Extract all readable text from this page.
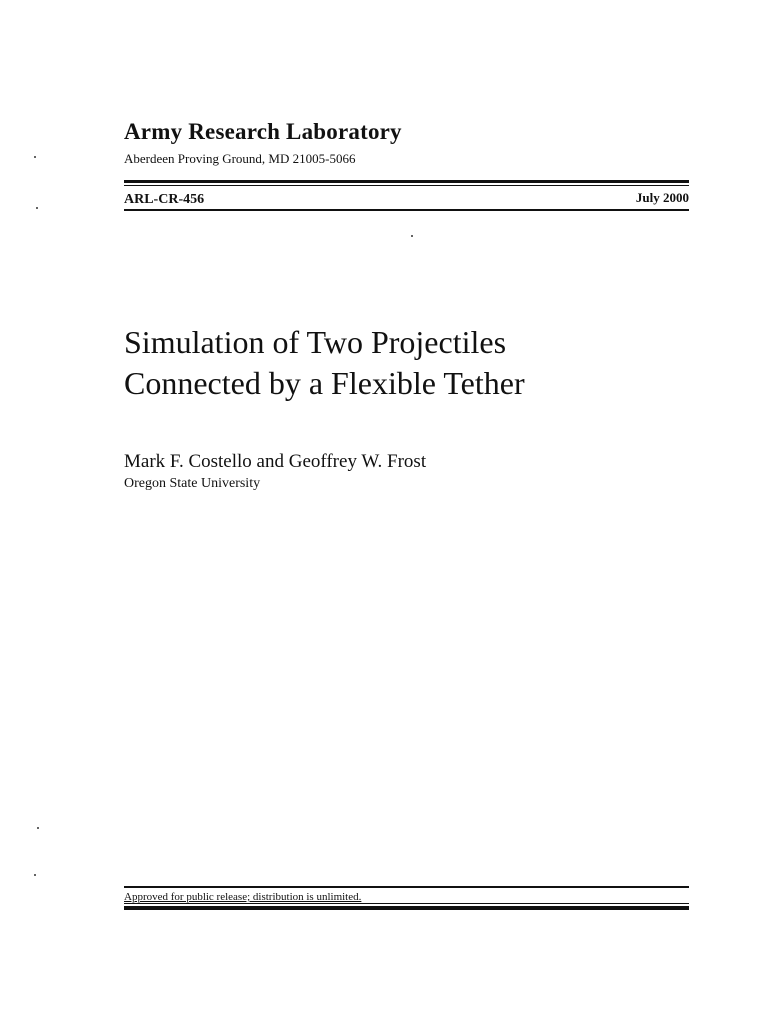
Army Research Laboratory
Aberdeen Proving Ground, MD 21005-5066
ARL-CR-456	July 2000
Simulation of Two Projectiles
Connected by a Flexible Tether
Mark F. Costello and Geoffrey W. Frost
Oregon State University
Approved for public release; distribution is unlimited.
